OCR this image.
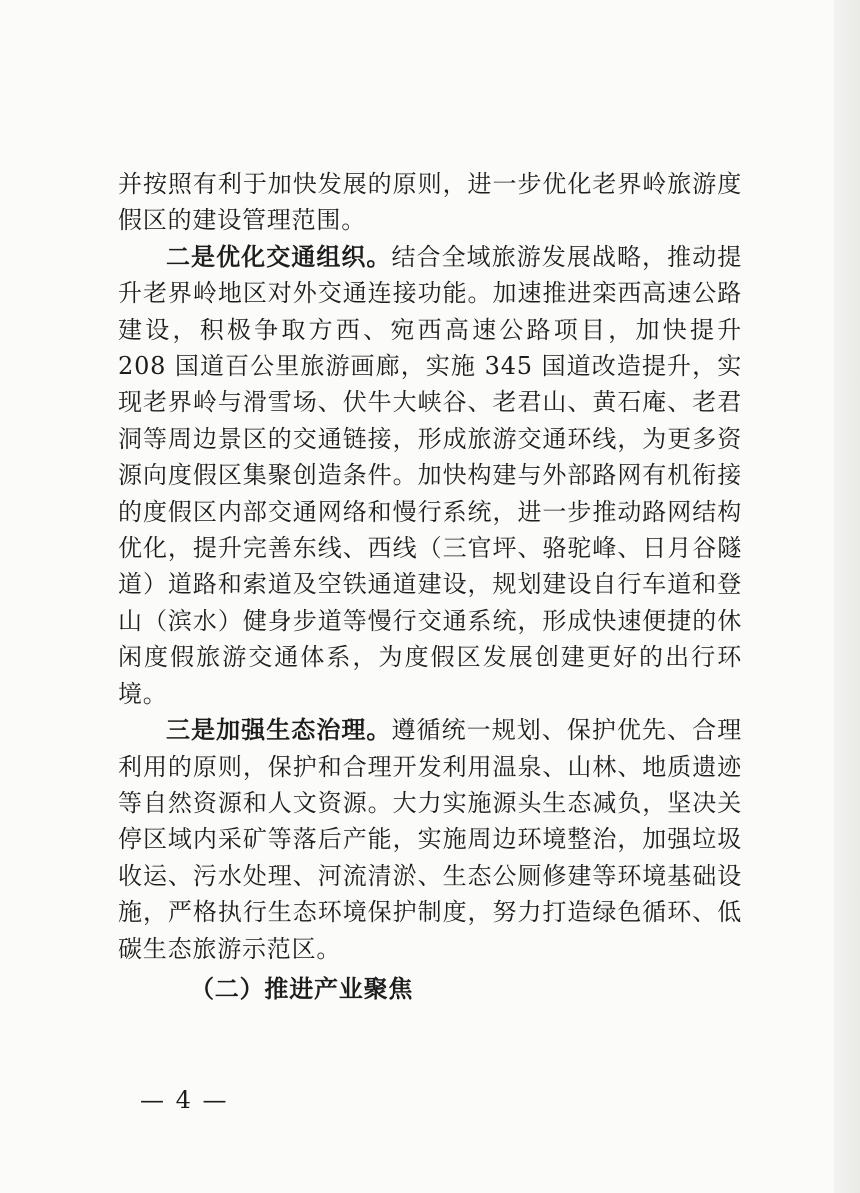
并按照有利于加快发展的原则，进一步优化老界岭旅游度假区的建设管理范围。

二是优化交通组织。结合全域旅游发展战略，推动提升老界岭地区对外交通连接功能。加速推进栾西高速公路建设，积极争取方西、宛西高速公路项目，加快提升 208 国道百公里旅游画廊，实施 345 国道改造提升，实现老界岭与滑雪场、伏牛大峡谷、老君山、黄石庵、老君洞等周边景区的交通链接，形成旅游交通环线，为更多资源向度假区集聚创造条件。加快构建与外部路网有机衔接的度假区内部交通网络和慢行系统，进一步推动路网结构优化，提升完善东线、西线（三官坪、骆驼峰、日月谷隧道）道路和索道及空铁通道建设，规划建设自行车道和登山（滨水）健身步道等慢行交通系统，形成快速便捷的休闲度假旅游交通体系，为度假区发展创建更好的出行环境。

三是加强生态治理。遵循统一规划、保护优先、合理利用的原则，保护和合理开发利用温泉、山林、地质遗迹等自然资源和人文资源。大力实施源头生态减负，坚决关停区域内采矿等落后产能，实施周边环境整治，加强垃圾收运、污水处理、河流清淤、生态公厕修建等环境基础设施，严格执行生态环境保护制度，努力打造绿色循环、低碳生态旅游示范区。

（二）推进产业聚焦

— 4 —
